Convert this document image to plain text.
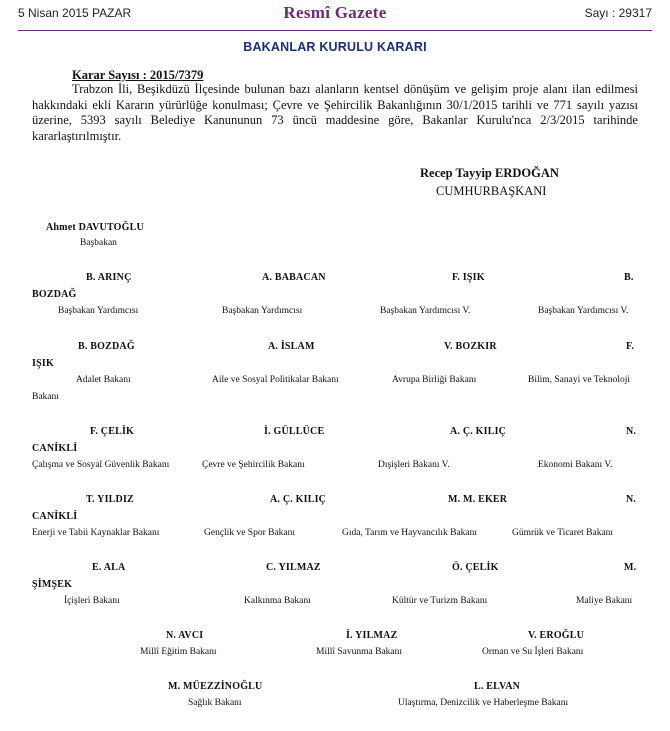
5 Nisan 2015 PAZAR	Resmî Gazete	Sayı : 29317
BAKANLAR KURULU KARARI
Karar Sayısı : 2015/7379
Trabzon İli, Beşikdüzü İlçesinde bulunan bazı alanların kentsel dönüşüm ve gelişim proje alanı ilan edilmesi hakkındaki ekli Kararın yürürlüğe konulması; Çevre ve Şehircilik Bakanlığının 30/1/2015 tarihli ve 771 sayılı yazısı üzerine, 5393 sayılı Belediye Kanununun 73 üncü maddesine göre, Bakanlar Kurulu'nca 2/3/2015 tarihinde kararlaştırılmıştır.
Recep Tayyip ERDOĞAN
CUMHURBAŞKANI
Ahmet DAVUTOĞLU
Başbakan
B. ARINÇ	A. BABACAN	F. IŞIK	B.
BOZDAĞ
Başbakan Yardımcısı	Başbakan Yardımcısı	Başbakan Yardımcısı V.	Başbakan Yardımcısı V.
B. BOZDAĞ	A. İSLAM	V. BOZKIR	F.
IŞIK
Adalet Bakanı	Aile ve Sosyal Politikalar Bakanı	Avrupa Birliği Bakanı	Bilim, Sanayi ve Teknoloji
Bakanı
F. ÇELİK	İ. GÜLLÜCE	A. Ç. KILIÇ	N.
CANİKLİ
Çalışma ve Sosyal Güvenlik Bakanı	Çevre ve Şehircilik Bakanı	Dışişleri Bakanı V.	Ekonomi Bakanı V.
T. YILDIZ	A. Ç. KILIÇ	M. M. EKER	N.
CANİKLİ
Enerji ve Tabii Kaynaklar Bakanı	Gençlik ve Spor Bakanı	Gıda, Tarım ve Hayvancılık Bakanı	Gümrük ve Ticaret Bakanı
E. ALA	C. YILMAZ	Ö. ÇELİK	M.
ŞİMŞEK
İçişleri Bakanı	Kalkınma Bakanı	Kültür ve Turizm Bakanı	Maliye Bakanı
N. AVCI	İ. YILMAZ	V. EROĞLU
Millî Eğitim Bakanı	Millî Savunma Bakanı	Orman ve Su İşleri Bakanı
M. MÜEZZİNOĞLU	L. ELVAN
Sağlık Bakanı	Ulaştırma, Denizcilik ve Haberleşme Bakanı
